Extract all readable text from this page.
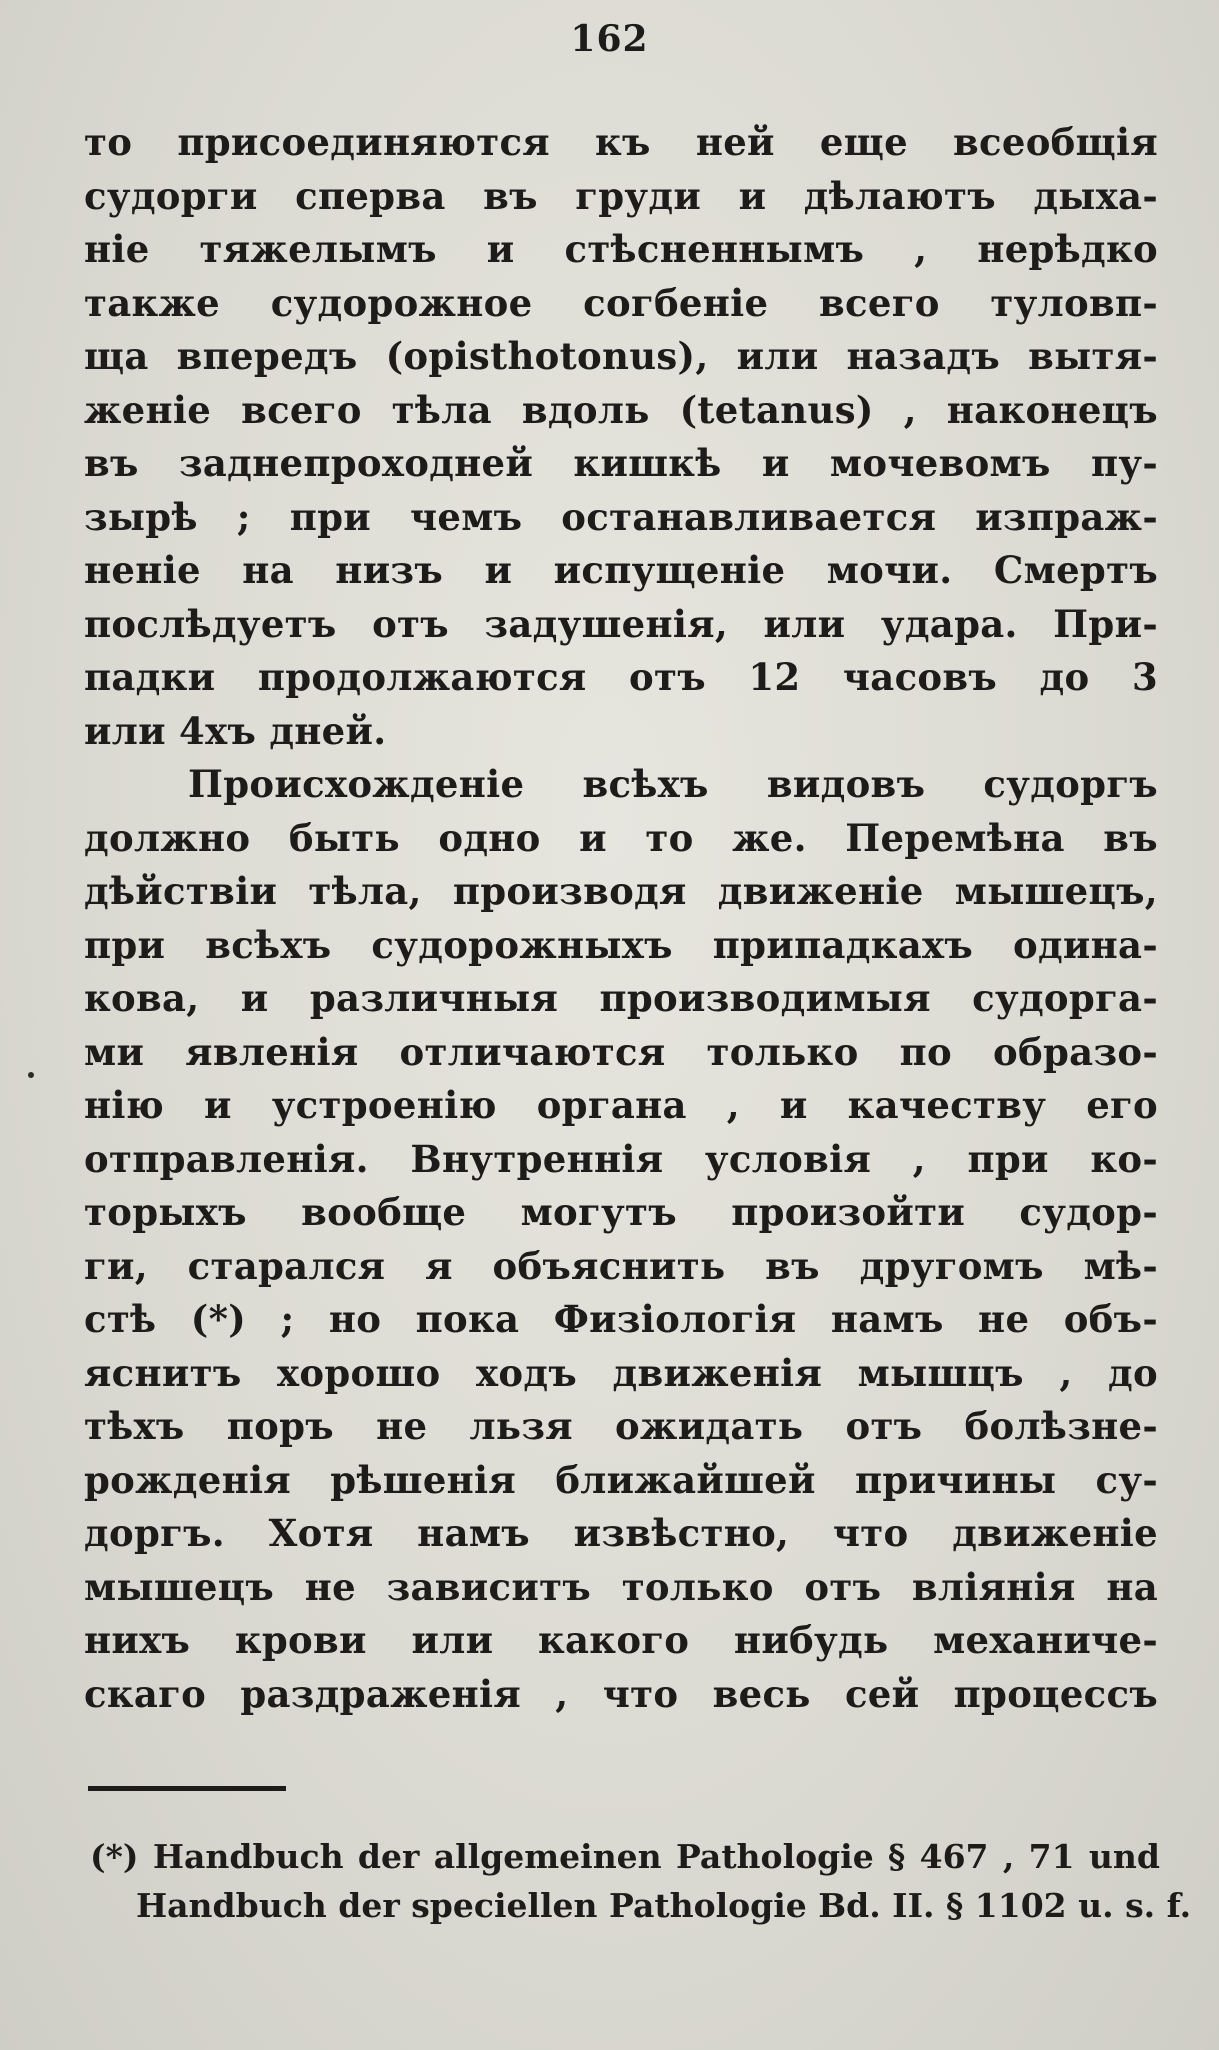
162
то присоединяются къ ней еще всеобщія
судорги сперва въ груди и дѣлаютъ дыха-
ніе тяжелымъ и стѣсненнымъ , нерѣдко
также судорожное согбеніе всего туловп-
ща впередъ (opisthotonus), или назадъ вытя-
женіе всего тѣла вдоль (tetanus) , наконецъ
въ заднепроходней кишкѣ и мочевомъ пу-
зырѣ ; при чемъ останавливается изпраж-
неніе на низъ и испущеніе мочи. Смертъ
послѣдуетъ отъ задушенія, или удара. При-
падки продолжаются отъ 12 часовъ до 3
или 4хъ дней.
Происхожденіе всѣхъ видовъ судоргъ
должно быть одно и то же. Перемѣна въ
дѣйствіи тѣла, производя движеніе мышецъ,
при всѣхъ судорожныхъ припадкахъ одина-
кова, и различныя производимыя судорга-
ми явленія отличаются только по образо-
нію и устроенію органа , и качеству его
отправленія. Внутреннія условія , при ко-
торыхъ вообще могутъ произойти судор-
ги, старался я объяснить въ другомъ мѣ-
стѣ (*) ; но пока Физіологія намъ не объ-
яснитъ хорошо ходъ движенія мышцъ , до
тѣхъ поръ не льзя ожидать отъ болѣзне-
рожденія рѣшенія ближайшей причины су-
доргъ. Хотя намъ извѣстно, что движеніе
мышецъ не зависитъ только отъ вліянія на
нихъ крови или какого нибудь механиче-
скаго раздраженія , что весь сей процессъ
(*) Handbuch der allgemeinen Pathologie § 467 , 71 und
Handbuch der speciellen Pathologie Bd. II. § 1102 u. s. f.
